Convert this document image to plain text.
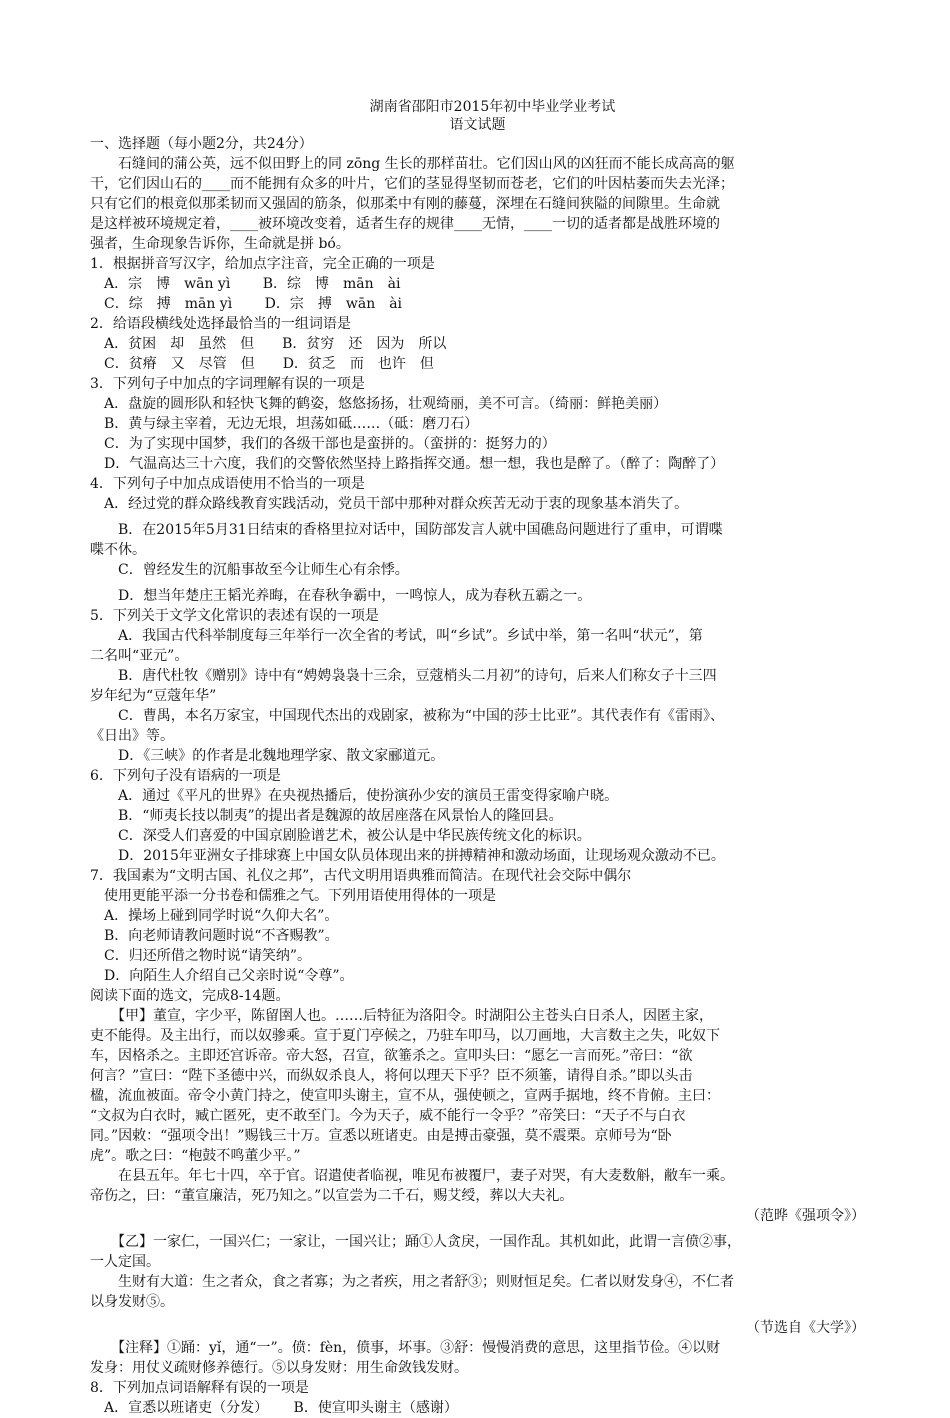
湖南省邵阳市2015年初中毕业学业考试
语文试题
一、选择题（每小题2分，共24分）
　　石缝间的蒲公英，远不似田野上的同 zōng 生长的那样苗壮。它们因山风的凶狂而不能长成高高的躯
干，它们因山石的____而不能拥有众多的叶片，它们的茎显得坚韧而苍老，它们的叶因枯萎而失去光泽；
只有它们的根竟似那柔韧而又强固的筋条，似那柔中有刚的藤蔓，深埋在石缝间狭隘的间隙里。生命就
是这样被环境规定着，____被环境改变着，适者生存的规律____无情，____一切的适者都是战胜环境的
强者，生命现象告诉你，生命就是拼 bó。
1．根据拼音写汉字，给加点字注音，完全正确的一项是
　A．宗　博　wān yì　　 B．综　博　mān　ài
　C．综　搏　mān yì　　 D．宗　搏　wān　ài
2．给语段横线处选择最恰当的一组词语是
　A．贫困　却　虽然　但　　B．贫穷　还　因为　所以
　C．贫瘠　又　尽管　但　　D．贫乏　而　也许　但
3．下列句子中加点的字词理解有误的一项是
　A．盘旋的圆形队和轻快飞舞的鹤姿，悠悠扬扬，壮观绮丽，美不可言。（绮丽：鲜艳美丽）
　B．黄与绿主宰着，无边无垠，坦荡如砥……（砥：磨刀石）
　C．为了实现中国梦，我们的各级干部也是蛮拼的。（蛮拼的：挺努力的）
　D．气温高达三十六度，我们的交警依然坚持上路指挥交通。想一想，我也是醉了。（醉了：陶醉了）
4．下列句子中加点成语使用不恰当的一项是
　A．经过党的群众路线教育实践活动，党员干部中那种对群众疾苦无动于衷的现象基本消失了。
　　B．在2015年5月31日结束的香格里拉对话中，国防部发言人就中国礁岛问题进行了重申，可谓喋
喋不休。
　　C．曾经发生的沉船事故至今让师生心有余悸。
　　D．想当年楚庄王韬光养晦，在春秋争霸中，一鸣惊人，成为春秋五霸之一。
5．下列关于文学文化常识的表述有误的一项是
　　A．我国古代科举制度每三年举行一次全省的考试，叫“乡试”。乡试中举，第一名叫“状元”，第
二名叫“亚元”。
　　B．唐代杜牧《赠别》诗中有“娉娉袅袅十三余，豆蔻梢头二月初”的诗句，后来人们称女子十三四
岁年纪为“豆蔻年华”
　　C．曹禺，本名万家宝，中国现代杰出的戏剧家，被称为“中国的莎士比亚”。其代表作有《雷雨》、
《日出》等。
　　D．《三峡》的作者是北魏地理学家、散文家郦道元。
6．下列句子没有语病的一项是
　　A．通过《平凡的世界》在央视热播后，使扮演孙少安的演员王雷变得家喻户晓。
　　B．“师夷长技以制夷”的提出者是魏源的故居座落在风景怡人的隆回县。
　　C．深受人们喜爱的中国京剧脸谱艺术，被公认是中华民族传统文化的标识。
　　D．2015年亚洲女子排球赛上中国女队员体现出来的拼搏精神和激动场面，让现场观众激动不已。
7．我国素为“文明古国、礼仪之邦”，古代文明用语典雅而简洁。在现代社会交际中偶尔
　使用更能平添一分书卷和儒雅之气。下列用语使用得体的一项是
　A．操场上碰到同学时说“久仰大名”。
　B．向老师请教问题时说“不吝赐教”。
　C．归还所借之物时说“请笑纳”。
　D．向陌生人介绍自己父亲时说“令尊”。
阅读下面的选文，完成8-14题。
　　【甲】董宣，字少平，陈留圉人也。……后特征为洛阳令。时湖阳公主苍头白日杀人，因匿主家，
吏不能得。及主出行，而以奴骖乘。宣于夏门亭候之，乃驻车叩马，以刀画地，大言数主之失，叱奴下
车，因格杀之。主即还宫诉帝。帝大怒，召宣，欲箠杀之。宣叩头曰：“愿乞一言而死。”帝曰：“欲
何言？”宣曰：“陛下圣德中兴，而纵奴杀良人，将何以理天下乎？臣不须箠，请得自杀。”即以头击
楹，流血被面。帝令小黄门持之，使宣叩头谢主，宣不从，强使顿之，宣两手据地，终不肯俯。主曰：
“文叔为白衣时，臧亡匿死，吏不敢至门。今为天子，威不能行一令乎？”帝笑曰：“天子不与白衣
同。”因敕：“强项令出！”赐钱三十万。宣悉以班诸吏。由是搏击豪强，莫不震栗。京师号为“卧
虎”。歌之曰：“枹鼓不鸣董少平。”
　　在县五年。年七十四，卒于官。诏遣使者临视，唯见布被覆尸，妻子对哭，有大麦数斛，敝车一乘。
帝伤之，曰：“董宣廉洁，死乃知之。”以宣尝为二千石，赐艾绶，葬以大夫礼。
（范晔《强项令》）
　　【乙】一家仁，一国兴仁；一家让，一国兴让；踊①人贪戾，一国作乱。其机如此，此谓一言偾②事，
一人定国。
　　生财有大道：生之者众，食之者寡；为之者疾，用之者舒③；则财恒足矣。仁者以财发身④，不仁者
以身发财⑤。
（节选自《大学》）
　　【注释】①踊：yǐ，通“一”。偾：fèn，偾事，坏事。③舒：慢慢消费的意思，这里指节俭。④以财
发身：用仗义疏财修养德行。⑤以身发财：用生命敛钱发财。
8．下列加点词语解释有误的一项是
　A．宣悉以班诸吏（分发）　　 B．使宣叩头谢主（感谢）
